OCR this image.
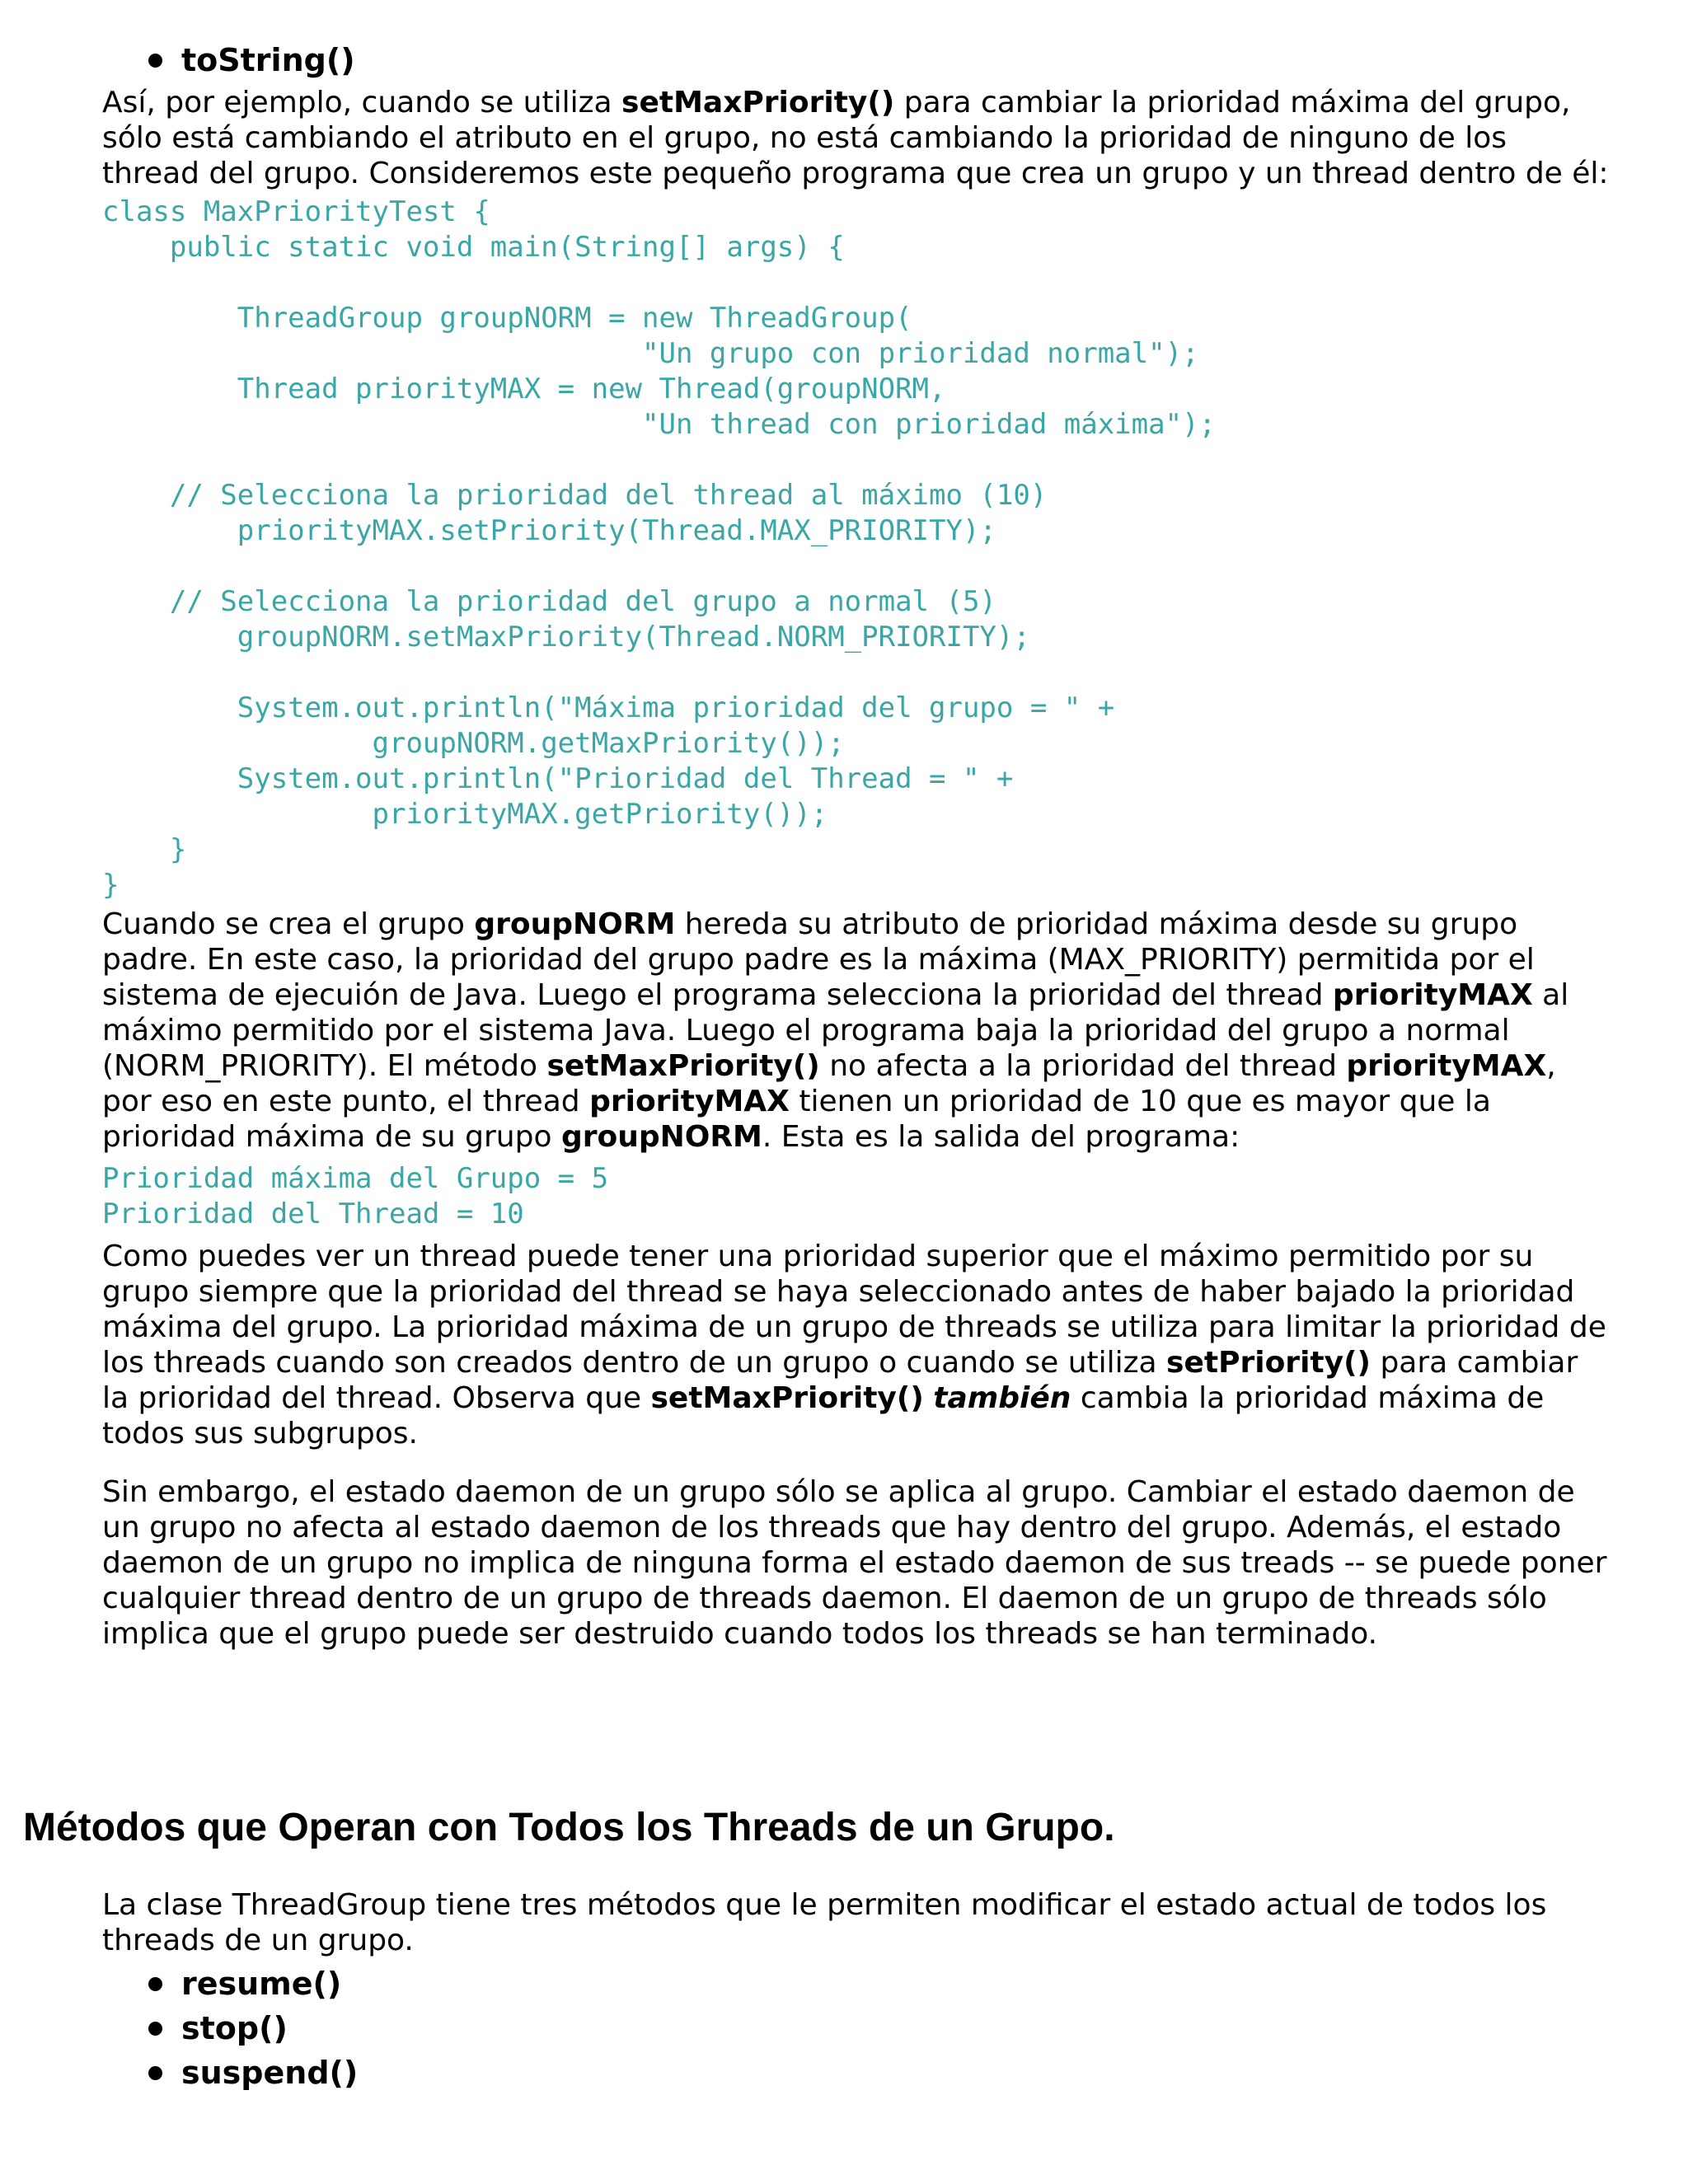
toString()

Así, por ejemplo, cuando se utiliza setMaxPriority() para cambiar la prioridad máxima del grupo, sólo está cambiando el atributo en el grupo, no está cambiando la prioridad de ninguno de los thread del grupo. Consideremos este pequeño programa que crea un grupo y un thread dentro de él:

class MaxPriorityTest {
public static void main(String[] args) {

ThreadGroup groupNORM = new ThreadGroup(
"Un grupo con prioridad normal");
Thread priorityMAX = new Thread(groupNORM,
"Un thread con prioridad máxima");

// Selecciona la prioridad del thread al máximo (10)
priorityMAX.setPriority(Thread.MAX_PRIORITY);

// Selecciona la prioridad del grupo a normal (5)
groupNORM.setMaxPriority(Thread.NORM_PRIORITY);

System.out.println("Máxima prioridad del grupo = " +
groupNORM.getMaxPriority());
System.out.println("Prioridad del Thread = " +
priorityMAX.getPriority());
}
}

Cuando se crea el grupo groupNORM hereda su atributo de prioridad máxima desde su grupo padre. En este caso, la prioridad del grupo padre es la máxima (MAX_PRIORITY) permitida por el sistema de ejecuión de Java. Luego el programa selecciona la prioridad del thread priorityMAX al máximo permitido por el sistema Java. Luego el programa baja la prioridad del grupo a normal (NORM_PRIORITY). El método setMaxPriority() no afecta a la prioridad del thread priorityMAX, por eso en este punto, el thread priorityMAX tienen un prioridad de 10 que es mayor que la prioridad máxima de su grupo groupNORM. Esta es la salida del programa:

Prioridad máxima del Grupo = 5
Prioridad del Thread = 10

Como puedes ver un thread puede tener una prioridad superior que el máximo permitido por su grupo siempre que la prioridad del thread se haya seleccionado antes de haber bajado la prioridad máxima del grupo. La prioridad máxima de un grupo de threads se utiliza para limitar la prioridad de los threads cuando son creados dentro de un grupo o cuando se utiliza setPriority() para cambiar la prioridad del thread. Observa que setMaxPriority() también cambia la prioridad máxima de todos sus subgrupos.

Sin embargo, el estado daemon de un grupo sólo se aplica al grupo. Cambiar el estado daemon de un grupo no afecta al estado daemon de los threads que hay dentro del grupo. Además, el estado daemon de un grupo no implica de ninguna forma el estado daemon de sus treads -- se puede poner cualquier thread dentro de un grupo de threads daemon. El daemon de un grupo de threads sólo implica que el grupo puede ser destruido cuando todos los threads se han terminado.

Métodos que Operan con Todos los Threads de un Grupo.

La clase ThreadGroup tiene tres métodos que le permiten modificar el estado actual de todos los threads de un grupo.

resume()
stop()
suspend()
